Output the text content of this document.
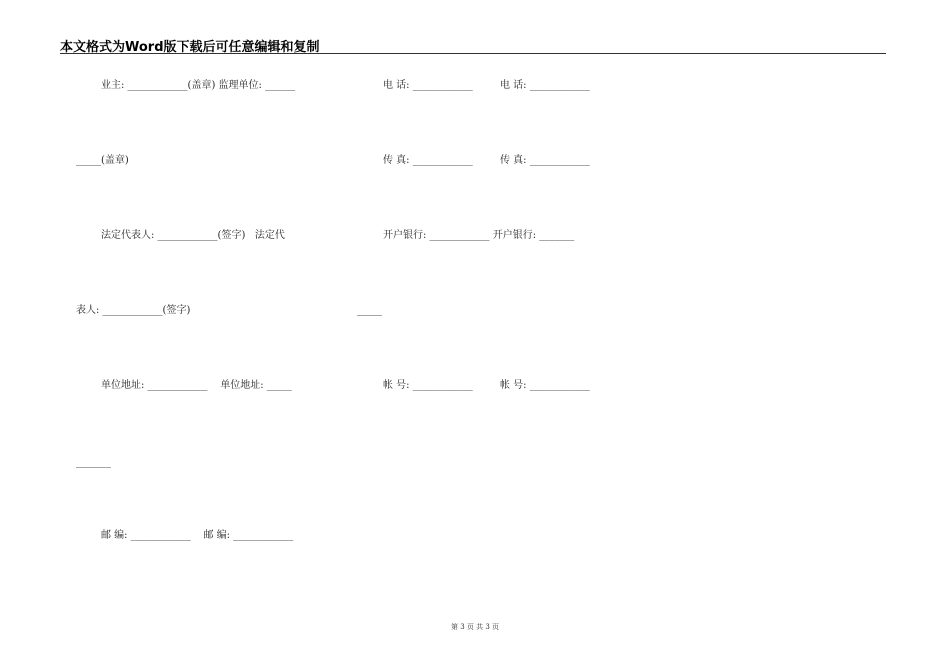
本文格式为Word版下载后可任意编辑和复制
业主: ____________(盖章) 监理单位: ______	电 话: ____________	电 话: ____________
_____(盖章)	传 真: ____________	传 真: ____________
法定代表人: ____________(签字)   法定代	开户银行: ____________ 开户银行: _______
表人: ____________(签字)	_____
单位地址: ____________    单位地址: _____	帐 号: ____________	帐 号: ____________
_______
邮 编: ____________    邮 编: ____________
第 3 页 共 3 页
